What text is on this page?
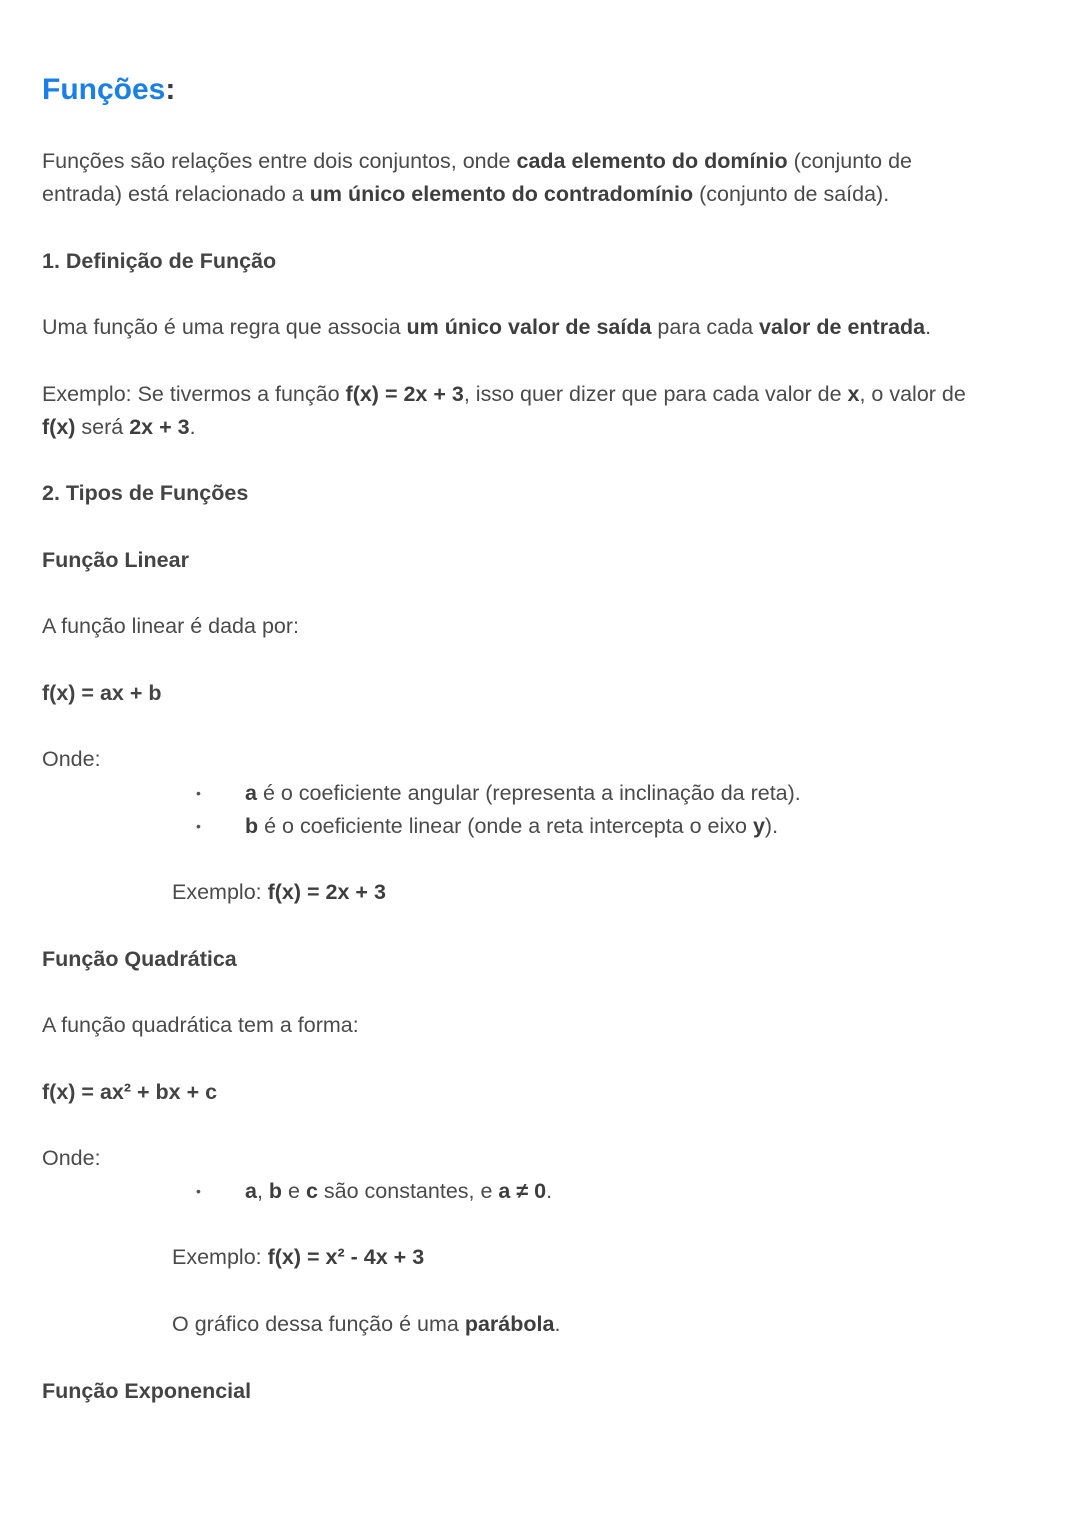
Funções:
Funções são relações entre dois conjuntos, onde cada elemento do domínio (conjunto de
entrada) está relacionado a um único elemento do contradomínio (conjunto de saída).
1. Definição de Função
Uma função é uma regra que associa um único valor de saída para cada valor de entrada.
Exemplo: Se tivermos a função f(x) = 2x + 3, isso quer dizer que para cada valor de x, o valor de
f(x) será 2x + 3.
2. Tipos de Funções
Função Linear
A função linear é dada por:
f(x) = ax + b
Onde:
• a é o coeficiente angular (representa a inclinação da reta).
• b é o coeficiente linear (onde a reta intercepta o eixo y).
Exemplo: f(x) = 2x + 3
Função Quadrática
A função quadrática tem a forma:
f(x) = ax² + bx + c
Onde:
• a, b e c são constantes, e a ≠ 0.
Exemplo: f(x) = x² - 4x + 3
O gráfico dessa função é uma parábola.
Função Exponencial
